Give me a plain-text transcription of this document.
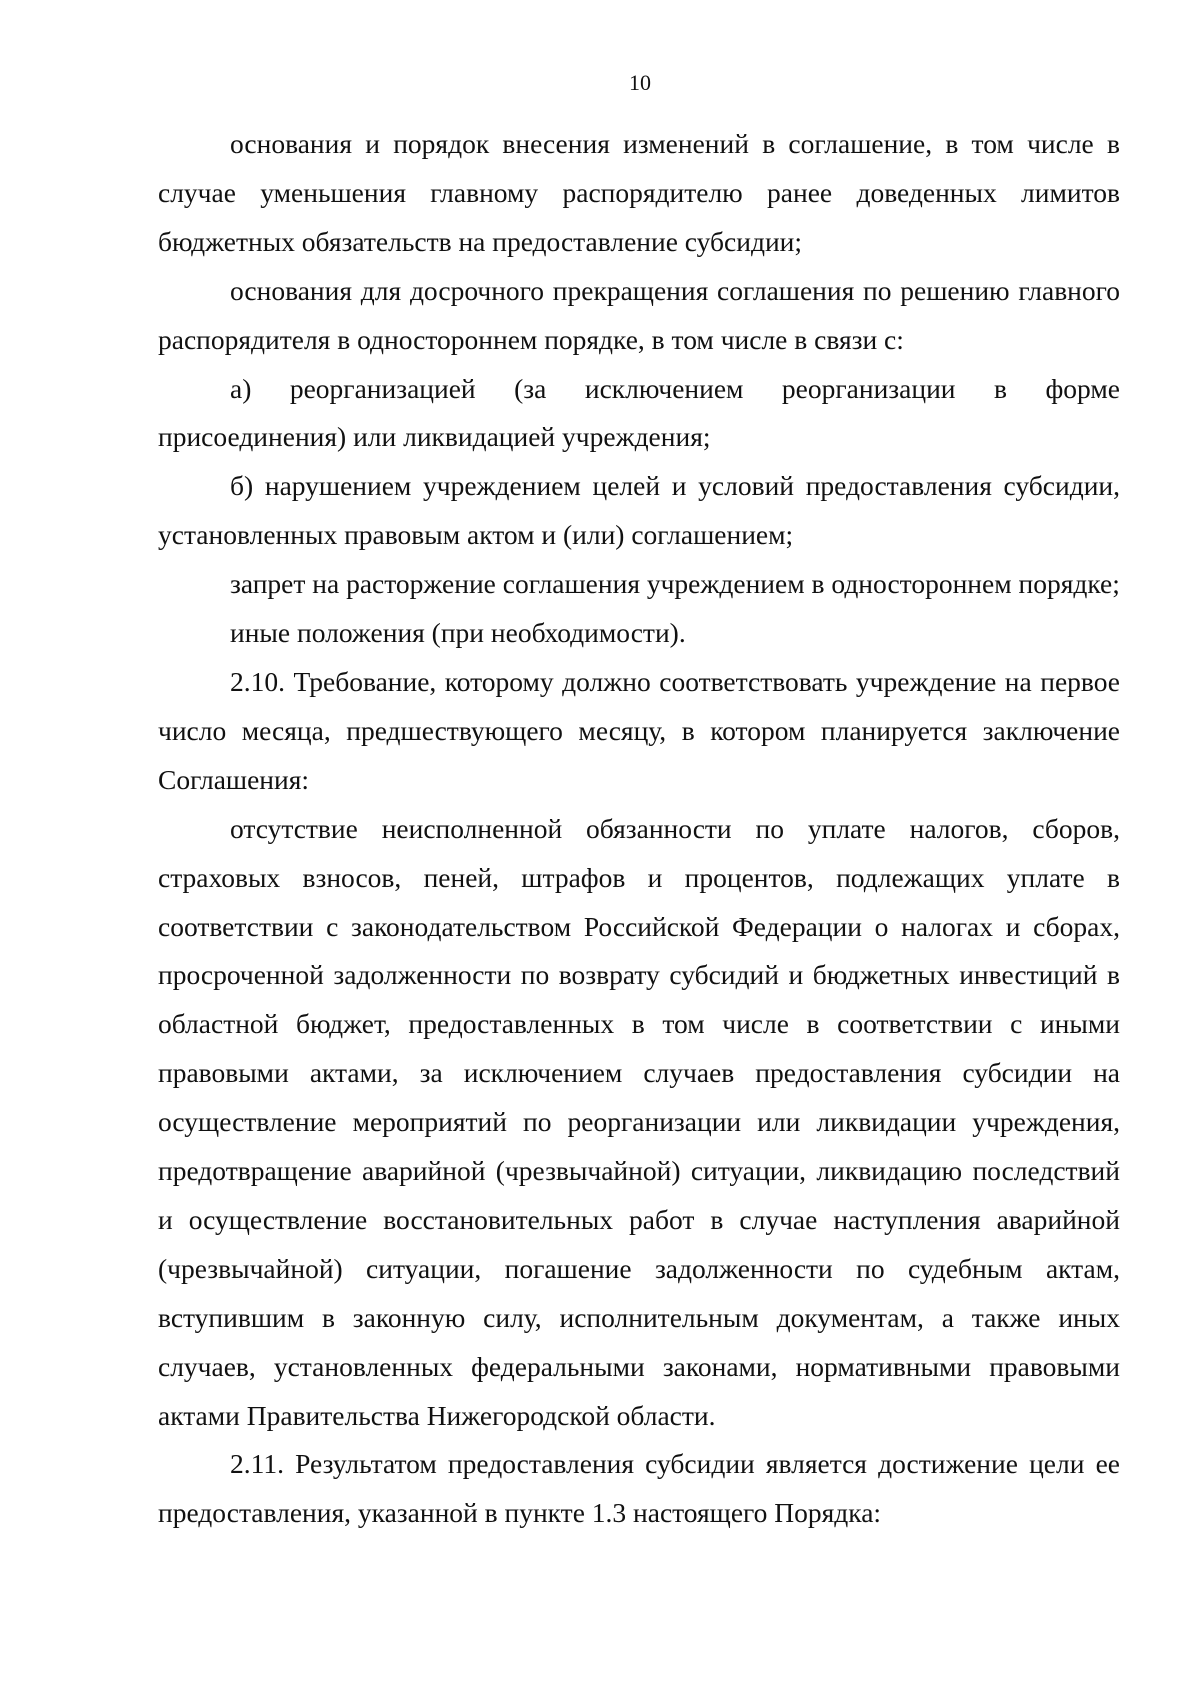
10

основания и порядок внесения изменений в соглашение, в том числе в случае уменьшения главному распорядителю ранее доведенных лимитов бюджетных обязательств на предоставление субсидии;

основания для досрочного прекращения соглашения по решению главного распорядителя в одностороннем порядке, в том числе в связи с:

а) реорганизацией (за исключением реорганизации в форме присоединения) или ликвидацией учреждения;

б) нарушением учреждением целей и условий предоставления субсидии, установленных правовым актом и (или) соглашением;

запрет на расторжение соглашения учреждением в одностороннем порядке;

иные положения (при необходимости).

2.10. Требование, которому должно соответствовать учреждение на первое число месяца, предшествующего месяцу, в котором планируется заключение Соглашения:

отсутствие неисполненной обязанности по уплате налогов, сборов, страховых взносов, пеней, штрафов и процентов, подлежащих уплате в соответствии с законодательством Российской Федерации о налогах и сборах, просроченной задолженности по возврату субсидий и бюджетных инвестиций в областной бюджет, предоставленных в том числе в соответствии с иными правовыми актами, за исключением случаев предоставления субсидии на осуществление мероприятий по реорганизации или ликвидации учреждения, предотвращение аварийной (чрезвычайной) ситуации, ликвидацию последствий и осуществление восстановительных работ в случае наступления аварийной (чрезвычайной) ситуации, погашение задолженности по судебным актам, вступившим в законную силу, исполнительным документам, а также иных случаев, установленных федеральными законами, нормативными правовыми актами Правительства Нижегородской области.

2.11. Результатом предоставления субсидии является достижение цели ее предоставления, указанной в пункте 1.3 настоящего Порядка:
